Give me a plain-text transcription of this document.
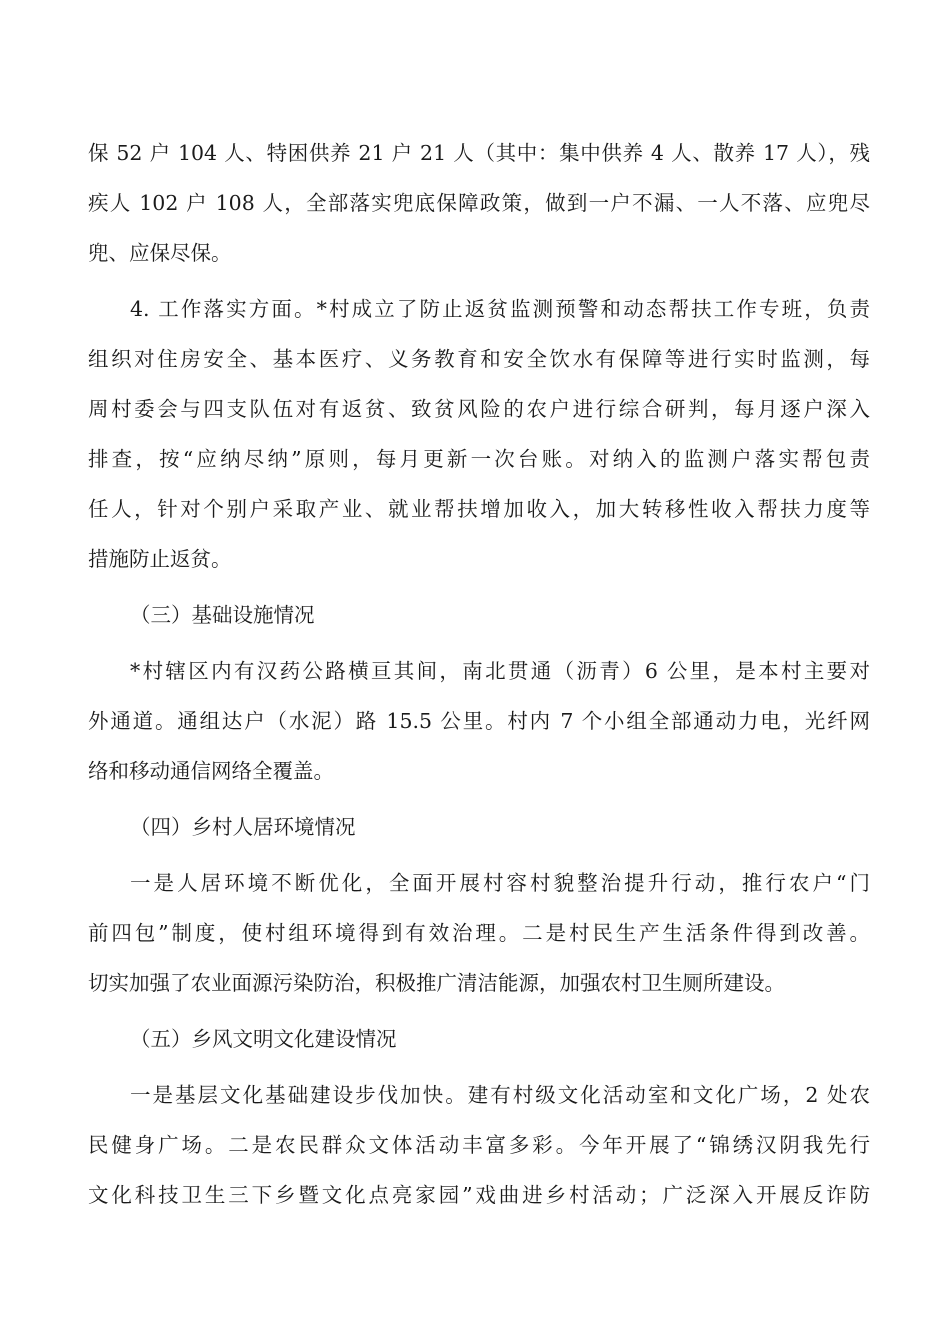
保 52 户 104 人、特困供养 21 户 21 人（其中：集中供养 4 人、散养 17 人），残
疾人 102 户 108 人，全部落实兜底保障政策，做到一户不漏、一人不落、应兜尽
兜、应保尽保。
4. 工作落实方面。*村成立了防止返贫监测预警和动态帮扶工作专班，负责
组织对住房安全、基本医疗、义务教育和安全饮水有保障等进行实时监测，每
周村委会与四支队伍对有返贫、致贫风险的农户进行综合研判，每月逐户深入
排查，按“应纳尽纳”原则，每月更新一次台账。对纳入的监测户落实帮包责
任人，针对个别户采取产业、就业帮扶增加收入，加大转移性收入帮扶力度等
措施防止返贫。
（三）基础设施情况
*村辖区内有汉药公路横亘其间，南北贯通（沥青）6 公里，是本村主要对
外通道。通组达户（水泥）路 15.5 公里。村内 7 个小组全部通动力电，光纤网
络和移动通信网络全覆盖。
（四）乡村人居环境情况
一是人居环境不断优化，全面开展村容村貌整治提升行动，推行农户“门
前四包”制度，使村组环境得到有效治理。二是村民生产生活条件得到改善。
切实加强了农业面源污染防治，积极推广清洁能源，加强农村卫生厕所建设。
（五）乡风文明文化建设情况
一是基层文化基础建设步伐加快。建有村级文化活动室和文化广场，2 处农
民健身广场。二是农民群众文体活动丰富多彩。今年开展了“锦绣汉阴我先行
文化科技卫生三下乡暨文化点亮家园”戏曲进乡村活动；广泛深入开展反诈防
